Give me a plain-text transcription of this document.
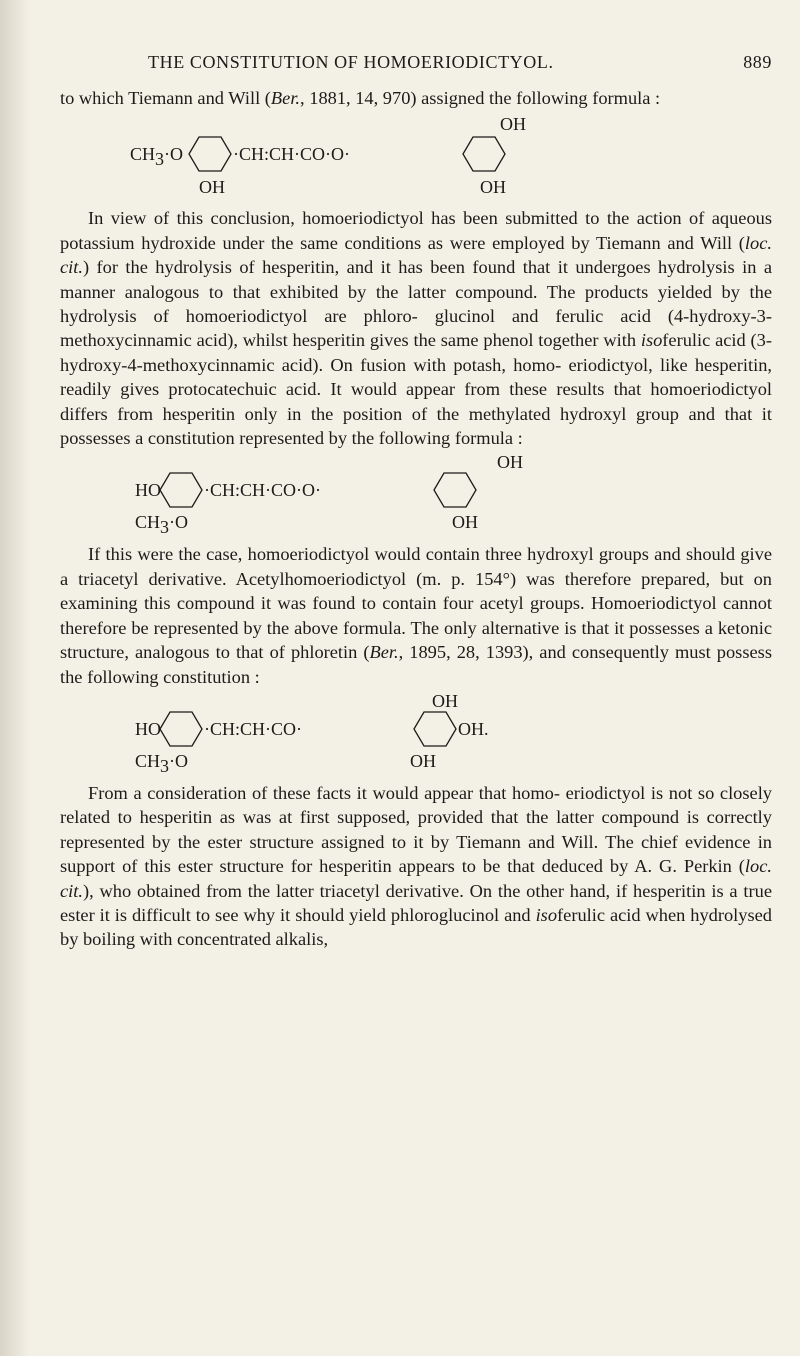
THE CONSTITUTION OF HOMOERIODICTYOL.	889

to which Tiemann and Will (Ber., 1881, 14, 970) assigned the following formula :

OH
CH3·O	·CH:CH·CO·O·
OH	OH

In view of this conclusion, homoeriodictyol has been submitted to the action of aqueous potassium hydroxide under the same conditions as were employed by Tiemann and Will (loc. cit.) for the hydrolysis of hesperitin, and it has been found that it undergoes hydrolysis in a manner analogous to that exhibited by the latter compound. The products yielded by the hydrolysis of homoeriodictyol are phloro- glucinol and ferulic acid (4-hydroxy-3-methoxycinnamic acid), whilst hesperitin gives the same phenol together with isoferulic acid (3-hydroxy-4-methoxycinnamic acid). On fusion with potash, homo- eriodictyol, like hesperitin, readily gives protocatechuic acid. It would appear from these results that homoeriodictyol differs from hesperitin only in the position of the methylated hydroxyl group and that it possesses a constitution represented by the following formula :

OH
HO ·CH:CH·CO·O·
CH3·O	OH

If this were the case, homoeriodictyol would contain three hydroxyl groups and should give a triacetyl derivative. Acetylhomoeriodictyol (m. p. 154°) was therefore prepared, but on examining this compound it was found to contain four acetyl groups. Homoeriodictyol cannot therefore be represented by the above formula. The only alternative is that it possesses a ketonic structure, analogous to that of phloretin (Ber., 1895, 28, 1393), and consequently must possess the following constitution :

OH
HO ·CH:CH·CO·	OH.
CH3·O	OH

From a consideration of these facts it would appear that homo- eriodictyol is not so closely related to hesperitin as was at first supposed, provided that the latter compound is correctly represented by the ester structure assigned to it by Tiemann and Will. The chief evidence in support of this ester structure for hesperitin appears to be that deduced by A. G. Perkin (loc. cit.), who obtained from the latter triacetyl derivative. On the other hand, if hesperitin is a true ester it is difficult to see why it should yield phloroglucinol and isoferulic acid when hydrolysed by boiling with concentrated alkalis,
